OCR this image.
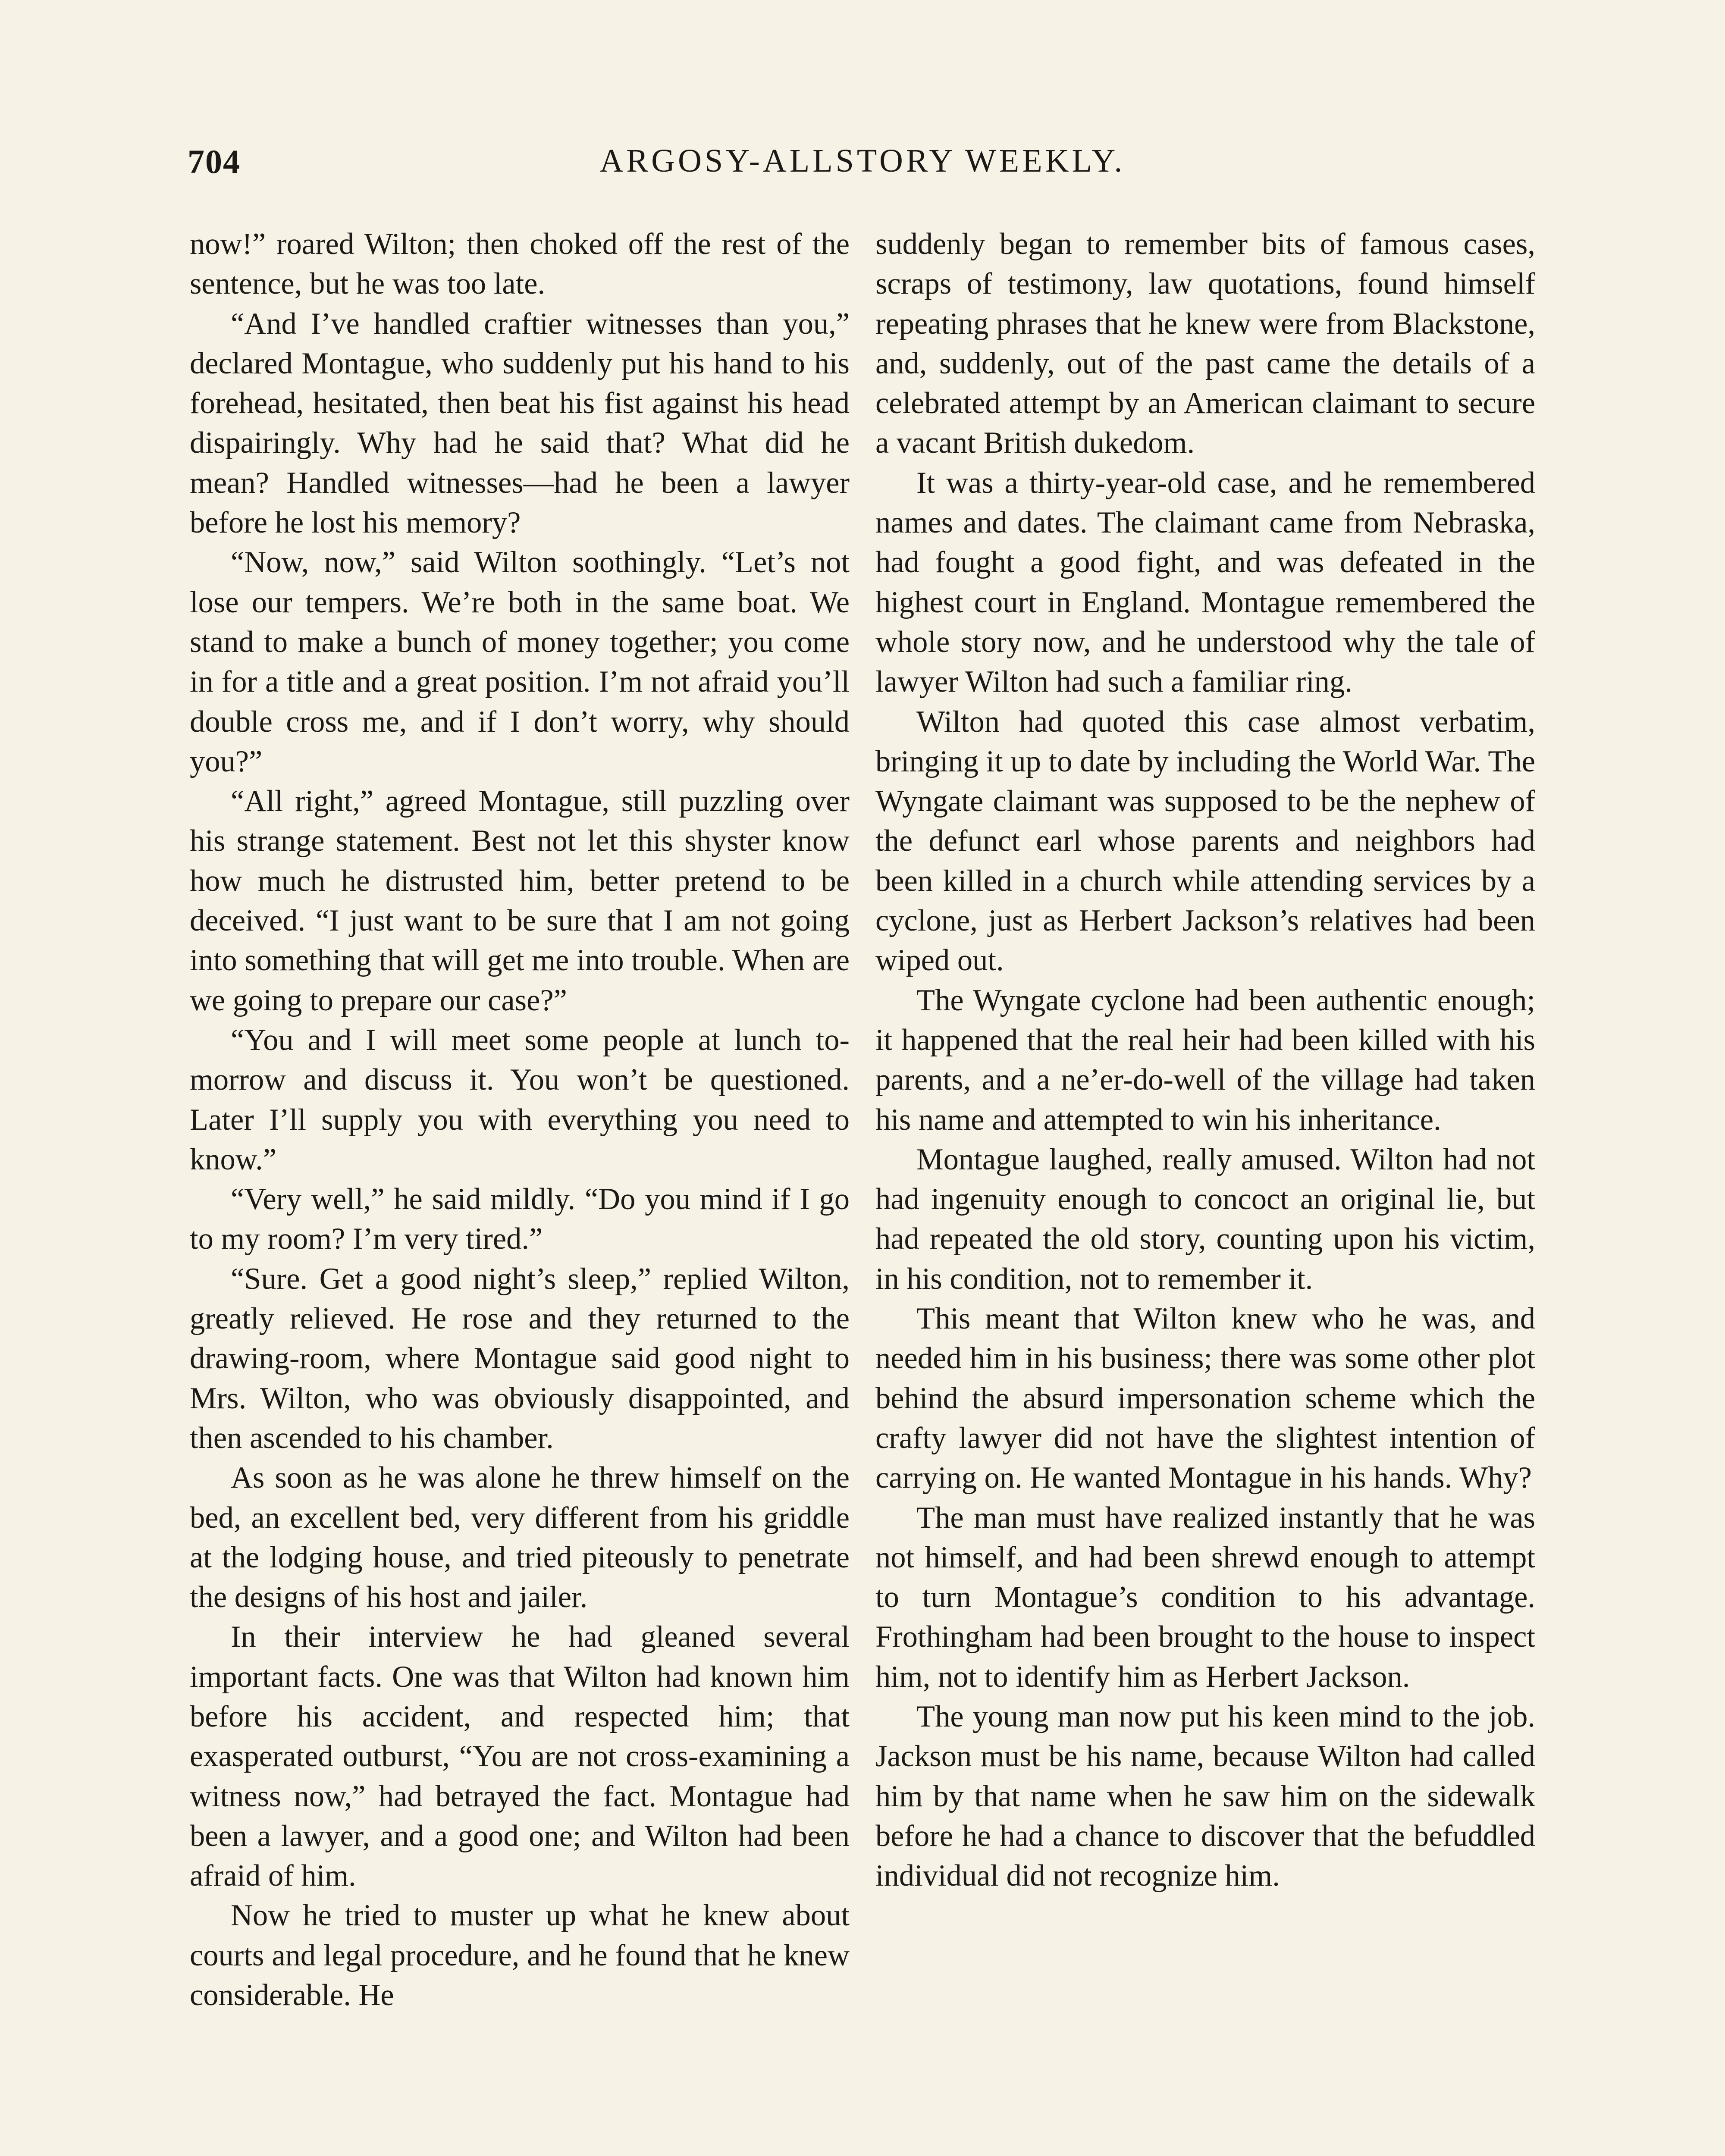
704	ARGOSY-ALLSTORY WEEKLY.

now!” roared Wilton; then choked off the rest of the sentence, but he was too late.

“And I’ve handled craftier witnesses than you,” declared Montague, who suddenly put his hand to his forehead, hesitated, then beat his fist against his head dispairingly. Why had he said that? What did he mean? Handled witnesses––had he been a lawyer before he lost his memory?

“Now, now,” said Wilton soothingly. “Let’s not lose our tempers. We’re both in the same boat. We stand to make a bunch of money together; you come in for a title and a great position. I’m not afraid you’ll double cross me, and if I don’t worry, why should you?”

“All right,” agreed Montague, still puzzling over his strange statement. Best not let this shyster know how much he distrusted him, better pretend to be deceived. “I just want to be sure that I am not going into something that will get me into trouble. When are we going to prepare our case?”

“You and I will meet some people at lunch to-morrow and discuss it. You won’t be questioned. Later I’ll supply you with everything you need to know.”

“Very well,” he said mildly. “Do you mind if I go to my room? I’m very tired.”

“Sure. Get a good night’s sleep,” replied Wilton, greatly relieved. He rose and they returned to the drawing-room, where Montague said good night to Mrs. Wilton, who was obviously disappointed, and then ascended to his chamber.

As soon as he was alone he threw himself on the bed, an excellent bed, very different from his griddle at the lodging house, and tried piteously to penetrate the designs of his host and jailer.

In their interview he had gleaned several important facts. One was that Wilton had known him before his accident, and respected him; that exasperated outburst, “You are not cross-examining a witness now,” had betrayed the fact. Montague had been a lawyer, and a good one; and Wilton had been afraid of him.

Now he tried to muster up what he knew about courts and legal procedure, and he found that he knew considerable. He

suddenly began to remember bits of famous cases, scraps of testimony, law quotations, found himself repeating phrases that he knew were from Blackstone, and, suddenly, out of the past came the details of a celebrated attempt by an American claimant to secure a vacant British dukedom.

It was a thirty-year-old case, and he remembered names and dates. The claimant came from Nebraska, had fought a good fight, and was defeated in the highest court in England. Montague remembered the whole story now, and he understood why the tale of lawyer Wilton had such a familiar ring.

Wilton had quoted this case almost verbatim, bringing it up to date by including the World War. The Wyngate claimant was supposed to be the nephew of the defunct earl whose parents and neighbors had been killed in a church while attending services by a cyclone, just as Herbert Jackson’s relatives had been wiped out.

The Wyngate cyclone had been authentic enough; it happened that the real heir had been killed with his parents, and a ne’er-do-well of the village had taken his name and attempted to win his inheritance.

Montague laughed, really amused. Wilton had not had ingenuity enough to concoct an original lie, but had repeated the old story, counting upon his victim, in his condition, not to remember it.

This meant that Wilton knew who he was, and needed him in his business; there was some other plot behind the absurd impersonation scheme which the crafty lawyer did not have the slightest intention of carrying on. He wanted Montague in his hands. Why?

The man must have realized instantly that he was not himself, and had been shrewd enough to attempt to turn Montague’s condition to his advantage. Frothingham had been brought to the house to inspect him, not to identify him as Herbert Jackson.

The young man now put his keen mind to the job. Jackson must be his name, because Wilton had called him by that name when he saw him on the sidewalk before he had a chance to discover that the befuddled individual did not recognize him.
